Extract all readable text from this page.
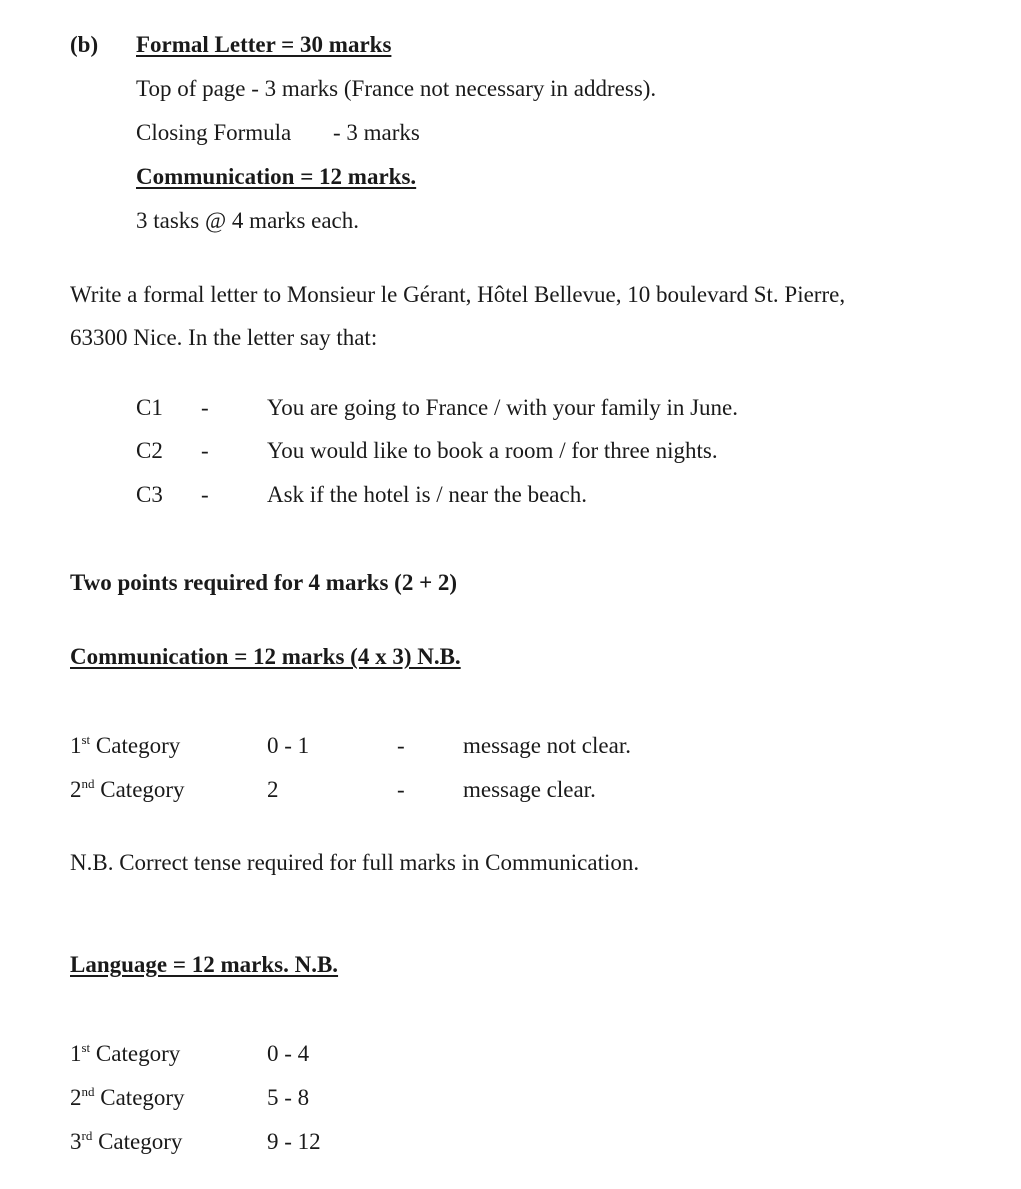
(b) Formal Letter = 30 marks
Top of page - 3 marks (France not necessary in address).
Closing Formula - 3 marks
Communication = 12 marks.
3 tasks @ 4 marks each.
Write a formal letter to Monsieur le Gérant, Hôtel Bellevue, 10 boulevard St. Pierre,
63300 Nice. In the letter say that:
C1 -	You are going to France / with your family in June.
C2 -	You would like to book a room / for three nights.
C3 -	Ask if the hotel is / near the beach.
Two points required for 4 marks (2 + 2)
Communication = 12 marks (4 x 3) N.B.
1st Category	0 - 1	-	message not clear.
2nd Category	2	-	message clear.
N.B. Correct tense required for full marks in Communication.
Language = 12 marks. N.B.
1st Category	0 - 4
2nd Category	5 - 8
3rd Category	9 - 12
